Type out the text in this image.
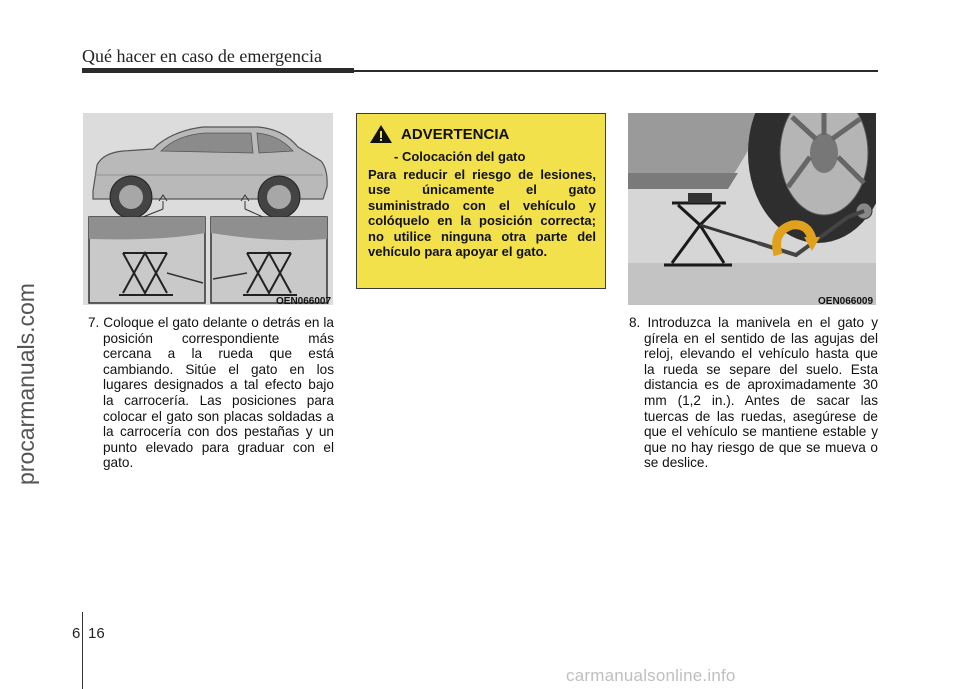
Qué hacer en caso de emergencia
procarmanuals.com	OEN066007
ADVERTENCIA
- Colocación del gato
Para reducir el riesgo de lesiones, use únicamente el gato suministrado con el vehículo y colóquelo en la posición correcta; no utilice ninguna otra parte del vehículo para apoyar el gato.
OEN066009
7. Coloque el gato delante o detrás en la posición correspondiente más cercana a la rueda que está cambiando. Sitúe el gato en los lugares designados a tal efecto bajo la carrocería. Las posiciones para colocar el gato son placas soldadas a la carrocería con dos pestañas y un punto elevado para graduar con el gato.
8. Introduzca la manivela en el gato y gírela en el sentido de las agujas del reloj, elevando el vehículo hasta que la rueda se separe del suelo. Esta distancia es de aproximadamente 30 mm (1,2 in.). Antes de sacar las tuercas de las ruedas, asegúrese de que el vehículo se mantiene estable y que no hay riesgo de que se mueva o se deslice.
6 16
carmanualsonline.info
